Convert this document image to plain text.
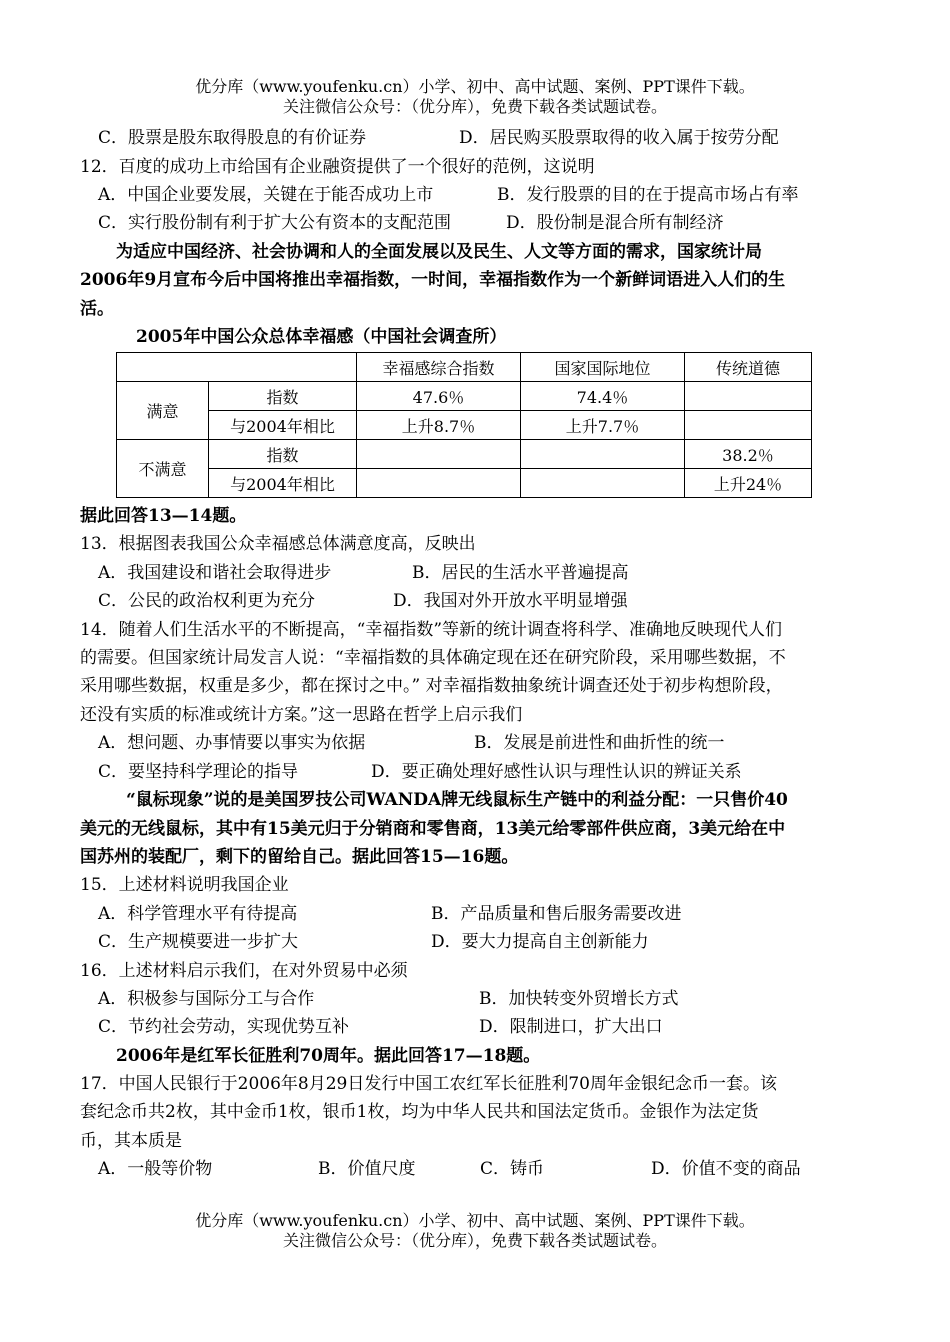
优分库（www.youfenku.cn）小学、初中、高中试题、案例、PPT课件下载。
关注微信公众号：（优分库），免费下载各类试题试卷。
C．股票是股东取得股息的有价证券	D．居民购买股票取得的收入属于按劳分配
12．百度的成功上市给国有企业融资提供了一个很好的范例，这说明
A．中国企业要发展，关键在于能否成功上市	B．发行股票的目的在于提高市场占有率
C．实行股份制有利于扩大公有资本的支配范围	D．股份制是混合所有制经济
为适应中国经济、社会协调和人的全面发展以及民生、人文等方面的需求，国家统计局
2006年9月宣布今后中国将推出幸福指数，一时间，幸福指数作为一个新鲜词语进入人们的生
活。
2005年中国公众总体幸福感（中国社会调查所）
		幸福感综合指数	国家国际地位	传统道德
满意	指数	47.6％	74.4％	
	与2004年相比	上升8.7％	上升7.7％	
不满意	指数			38.2％
	与2004年相比			上升24％
据此回答13—14题。
13．根据图表我国公众幸福感总体满意度高，反映出
A．我国建设和谐社会取得进步	B．居民的生活水平普遍提高
C．公民的政治权利更为充分	D．我国对外开放水平明显增强
14．随着人们生活水平的不断提高，“幸福指数”等新的统计调查将科学、准确地反映现代人们
的需要。但国家统计局发言人说：“幸福指数的具体确定现在还在研究阶段，采用哪些数据，不
采用哪些数据，权重是多少，都在探讨之中。” 对幸福指数抽象统计调查还处于初步构想阶段，
还没有实质的标准或统计方案。”这一思路在哲学上启示我们
A．想问题、办事情要以事实为依据	B．发展是前进性和曲折性的统一
C．要坚持科学理论的指导	D．要正确处理好感性认识与理性认识的辨证关系
“鼠标现象”说的是美国罗技公司WANDA牌无线鼠标生产链中的利益分配：一只售价40
美元的无线鼠标，其中有15美元归于分销商和零售商，13美元给零部件供应商，3美元给在中
国苏州的装配厂，剩下的留给自己。据此回答15—16题。
15．上述材料说明我国企业
A．科学管理水平有待提高	B．产品质量和售后服务需要改进
C．生产规模要进一步扩大	D．要大力提高自主创新能力
16．上述材料启示我们，在对外贸易中必须
A．积极参与国际分工与合作	B．加快转变外贸增长方式
C．节约社会劳动，实现优势互补	D．限制进口，扩大出口
2006年是红军长征胜利70周年。据此回答17—18题。
17．中国人民银行于2006年8月29日发行中国工农红军长征胜利70周年金银纪念币一套。该
套纪念币共2枚，其中金币1枚，银币1枚，均为中华人民共和国法定货币。金银作为法定货
币，其本质是
A．一般等价物	B．价值尺度	C．铸币	D．价值不变的商品
优分库（www.youfenku.cn）小学、初中、高中试题、案例、PPT课件下载。
关注微信公众号：（优分库），免费下载各类试题试卷。
